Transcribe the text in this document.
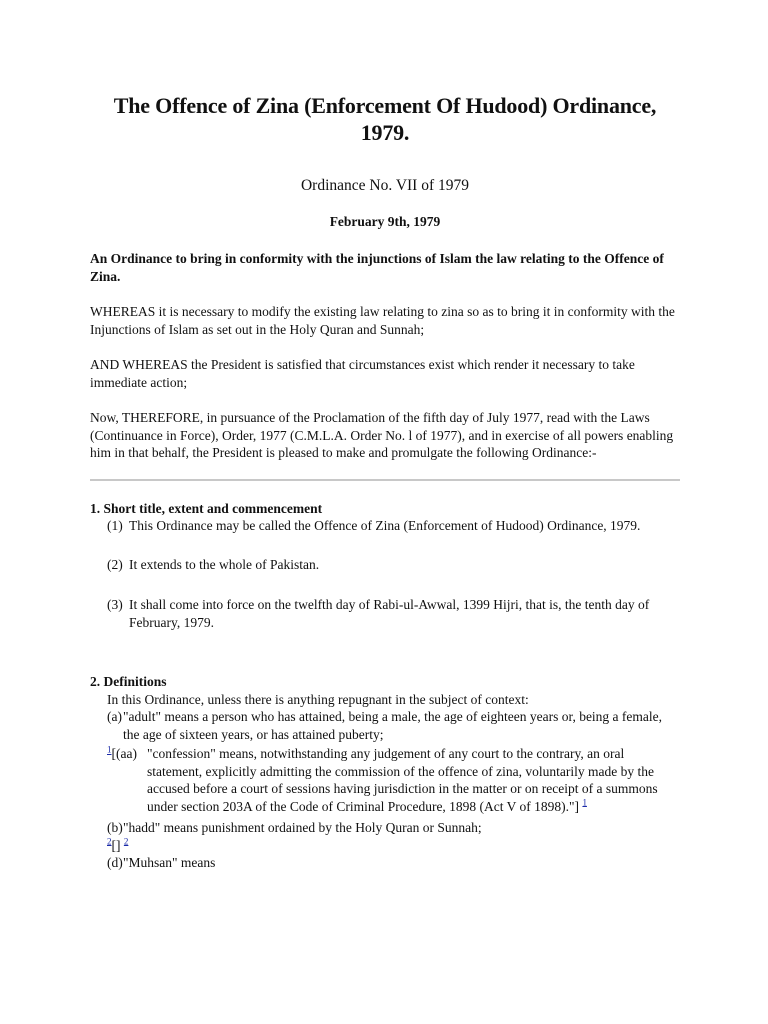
The Offence of Zina (Enforcement Of Hudood) Ordinance, 1979.
Ordinance No. VII of 1979
February 9th, 1979
An Ordinance to bring in conformity with the injunctions of Islam the law relating to the Offence of Zina.
WHEREAS it is necessary to modify the existing law relating to zina so as to bring it in conformity with the Injunctions of Islam as set out in the Holy Quran and Sunnah;
AND WHEREAS the President is satisfied that circumstances exist which render it necessary to take immediate action;
Now, THEREFORE, in pursuance of the Proclamation of the fifth day of July 1977, read with the Laws (Continuance in Force), Order, 1977 (C.M.L.A. Order No. l of 1977), and in exercise of all powers enabling him in that behalf, the President is pleased to make and promulgate the following Ordinance:-
1. Short title, extent and commencement
(1) This Ordinance may be called the Offence of Zina (Enforcement of Hudood) Ordinance, 1979.
(2) It extends to the whole of Pakistan.
(3) It shall come into force on the twelfth day of Rabi-ul-Awwal, 1399 Hijri, that is, the tenth day of February, 1979.
2. Definitions
In this Ordinance, unless there is anything repugnant in the subject of context:
(a) "adult" means a person who has attained, being a male, the age of eighteen years or, being a female, the age of sixteen years, or has attained puberty;
$^1$[(aa) "confession" means, notwithstanding any judgement of any court to the contrary, an oral statement, explicitly admitting the commission of the offence of zina, voluntarily made by the accused before a court of sessions having jurisdiction in the matter or on receipt of a summons under section 203A of the Code of Criminal Procedure, 1898 (Act V of 1898)."] $^1$
(b) "hadd" means punishment ordained by the Holy Quran or Sunnah;
$^2$[] $^2$
(d) "Muhsan" means
